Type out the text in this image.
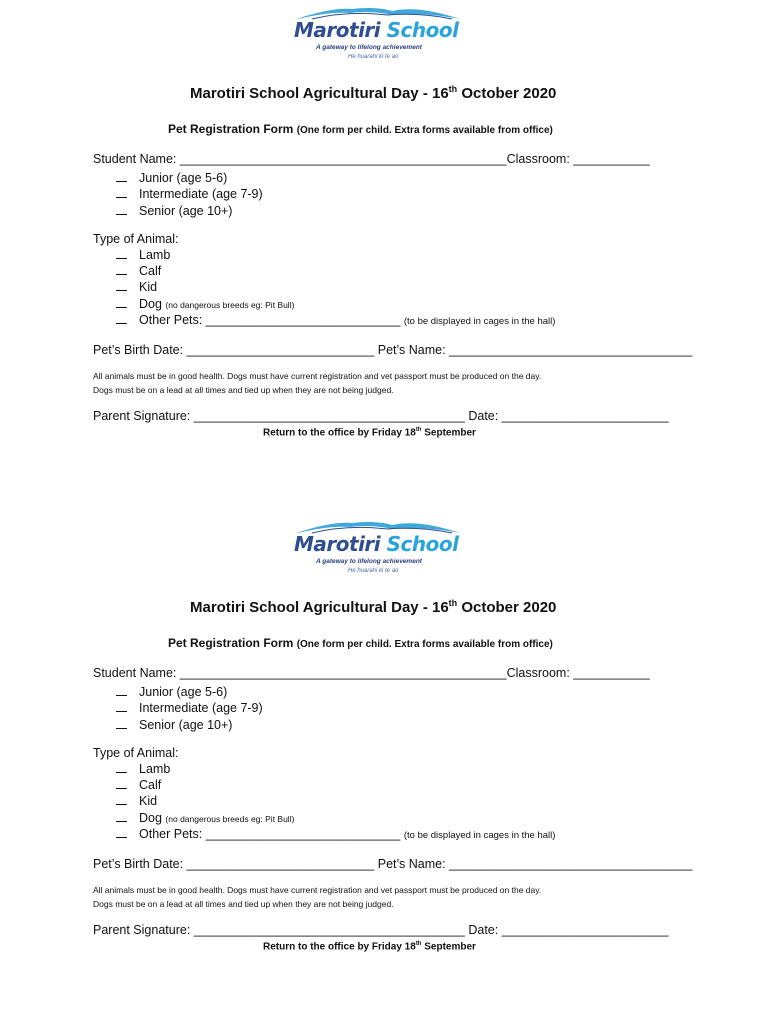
Marotiri School
A gateway to lifelong achievement
He huarahi ki te ao
Marotiri School Agricultural Day - 16th October 2020
Pet Registration Form (One form per child. Extra forms available from office)
Student Name: _______________________________________________Classroom: ___________
Junior (age 5-6)
Intermediate (age 7-9)
Senior (age 10+)
Type of Animal:
Lamb
Calf
Kid
Dog (no dangerous breeds eg: Pit Bull)
Other Pets: ____________________________ (to be displayed in cages in the hall)
Pet’s Birth Date: ___________________________ Pet’s Name: ___________________________________
All animals must be in good health. Dogs must have current registration and vet passport must be produced on the day.
Dogs must be on a lead at all times and tied up when they are not being judged.
Parent Signature: _______________________________________ Date: ________________________
Return to the office by Friday 18th September
Marotiri School
A gateway to lifelong achievement
He huarahi ki te ao
Marotiri School Agricultural Day - 16th October 2020
Pet Registration Form (One form per child. Extra forms available from office)
Student Name: _______________________________________________Classroom: ___________
Junior (age 5-6)
Intermediate (age 7-9)
Senior (age 10+)
Type of Animal:
Lamb
Calf
Kid
Dog (no dangerous breeds eg: Pit Bull)
Other Pets: ____________________________ (to be displayed in cages in the hall)
Pet’s Birth Date: ___________________________ Pet’s Name: ___________________________________
All animals must be in good health. Dogs must have current registration and vet passport must be produced on the day.
Dogs must be on a lead at all times and tied up when they are not being judged.
Parent Signature: _______________________________________ Date: ________________________
Return to the office by Friday 18th September
